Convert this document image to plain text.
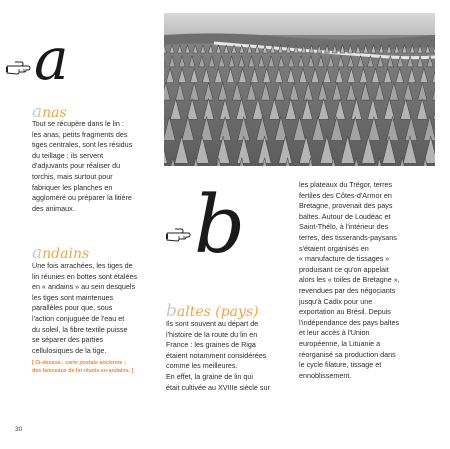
a
anas
Tout se récupère dans le lin :
les anas, petits fragments des
tiges centrales, sont les résidus
du teillage ; ils servent
d'adjuvants pour réaliser du
torchis, mais surtout pour
fabriquer les planches en
aggloméré ou préparer la litière
des animaux.
andains
Une fois arrachées, les tiges de
lin réunies en bottes sont étalées
en « andains » au sein desquels
les tiges sont maintenues
parallèles pour que, sous
l'action conjuguée de l'eau et
du soleil, la fibre textile puisse
se séparer des parties
cellulosiques de la tige.
[ Ci-dessus : carte postale ancienne :
des faisceaux de lin réunis en andains. ]
b
baltes (pays)
Ils sont souvent au départ de
l'histoire de la route du lin en
France : les graines de Riga
étaient notamment considérées
comme les meilleures.
En effet, la graine de lin qui
était cultivée au XVIIIe siècle sur
les plateaux du Trégor, terres
fertiles des Côtes-d'Armor en
Bretagne, provenait des pays
baltes. Autour de Loudéac et
Saint-Thélo, à l'intérieur des
terres, des tisserands-paysans
s'étaient organisés en
« manufacture de tissages »
produisant ce qu'on appelait
alors les « toiles de Bretagne »,
revendues par des négociants
jusqu'à Cadix pour une
exportation au Brésil. Depuis
l'indépendance des pays baltes
et leur accès à l'Union
européenne, la Lituanie a
réorganisé sa production dans
le cycle filature, tissage et
ennoblissement.
30
